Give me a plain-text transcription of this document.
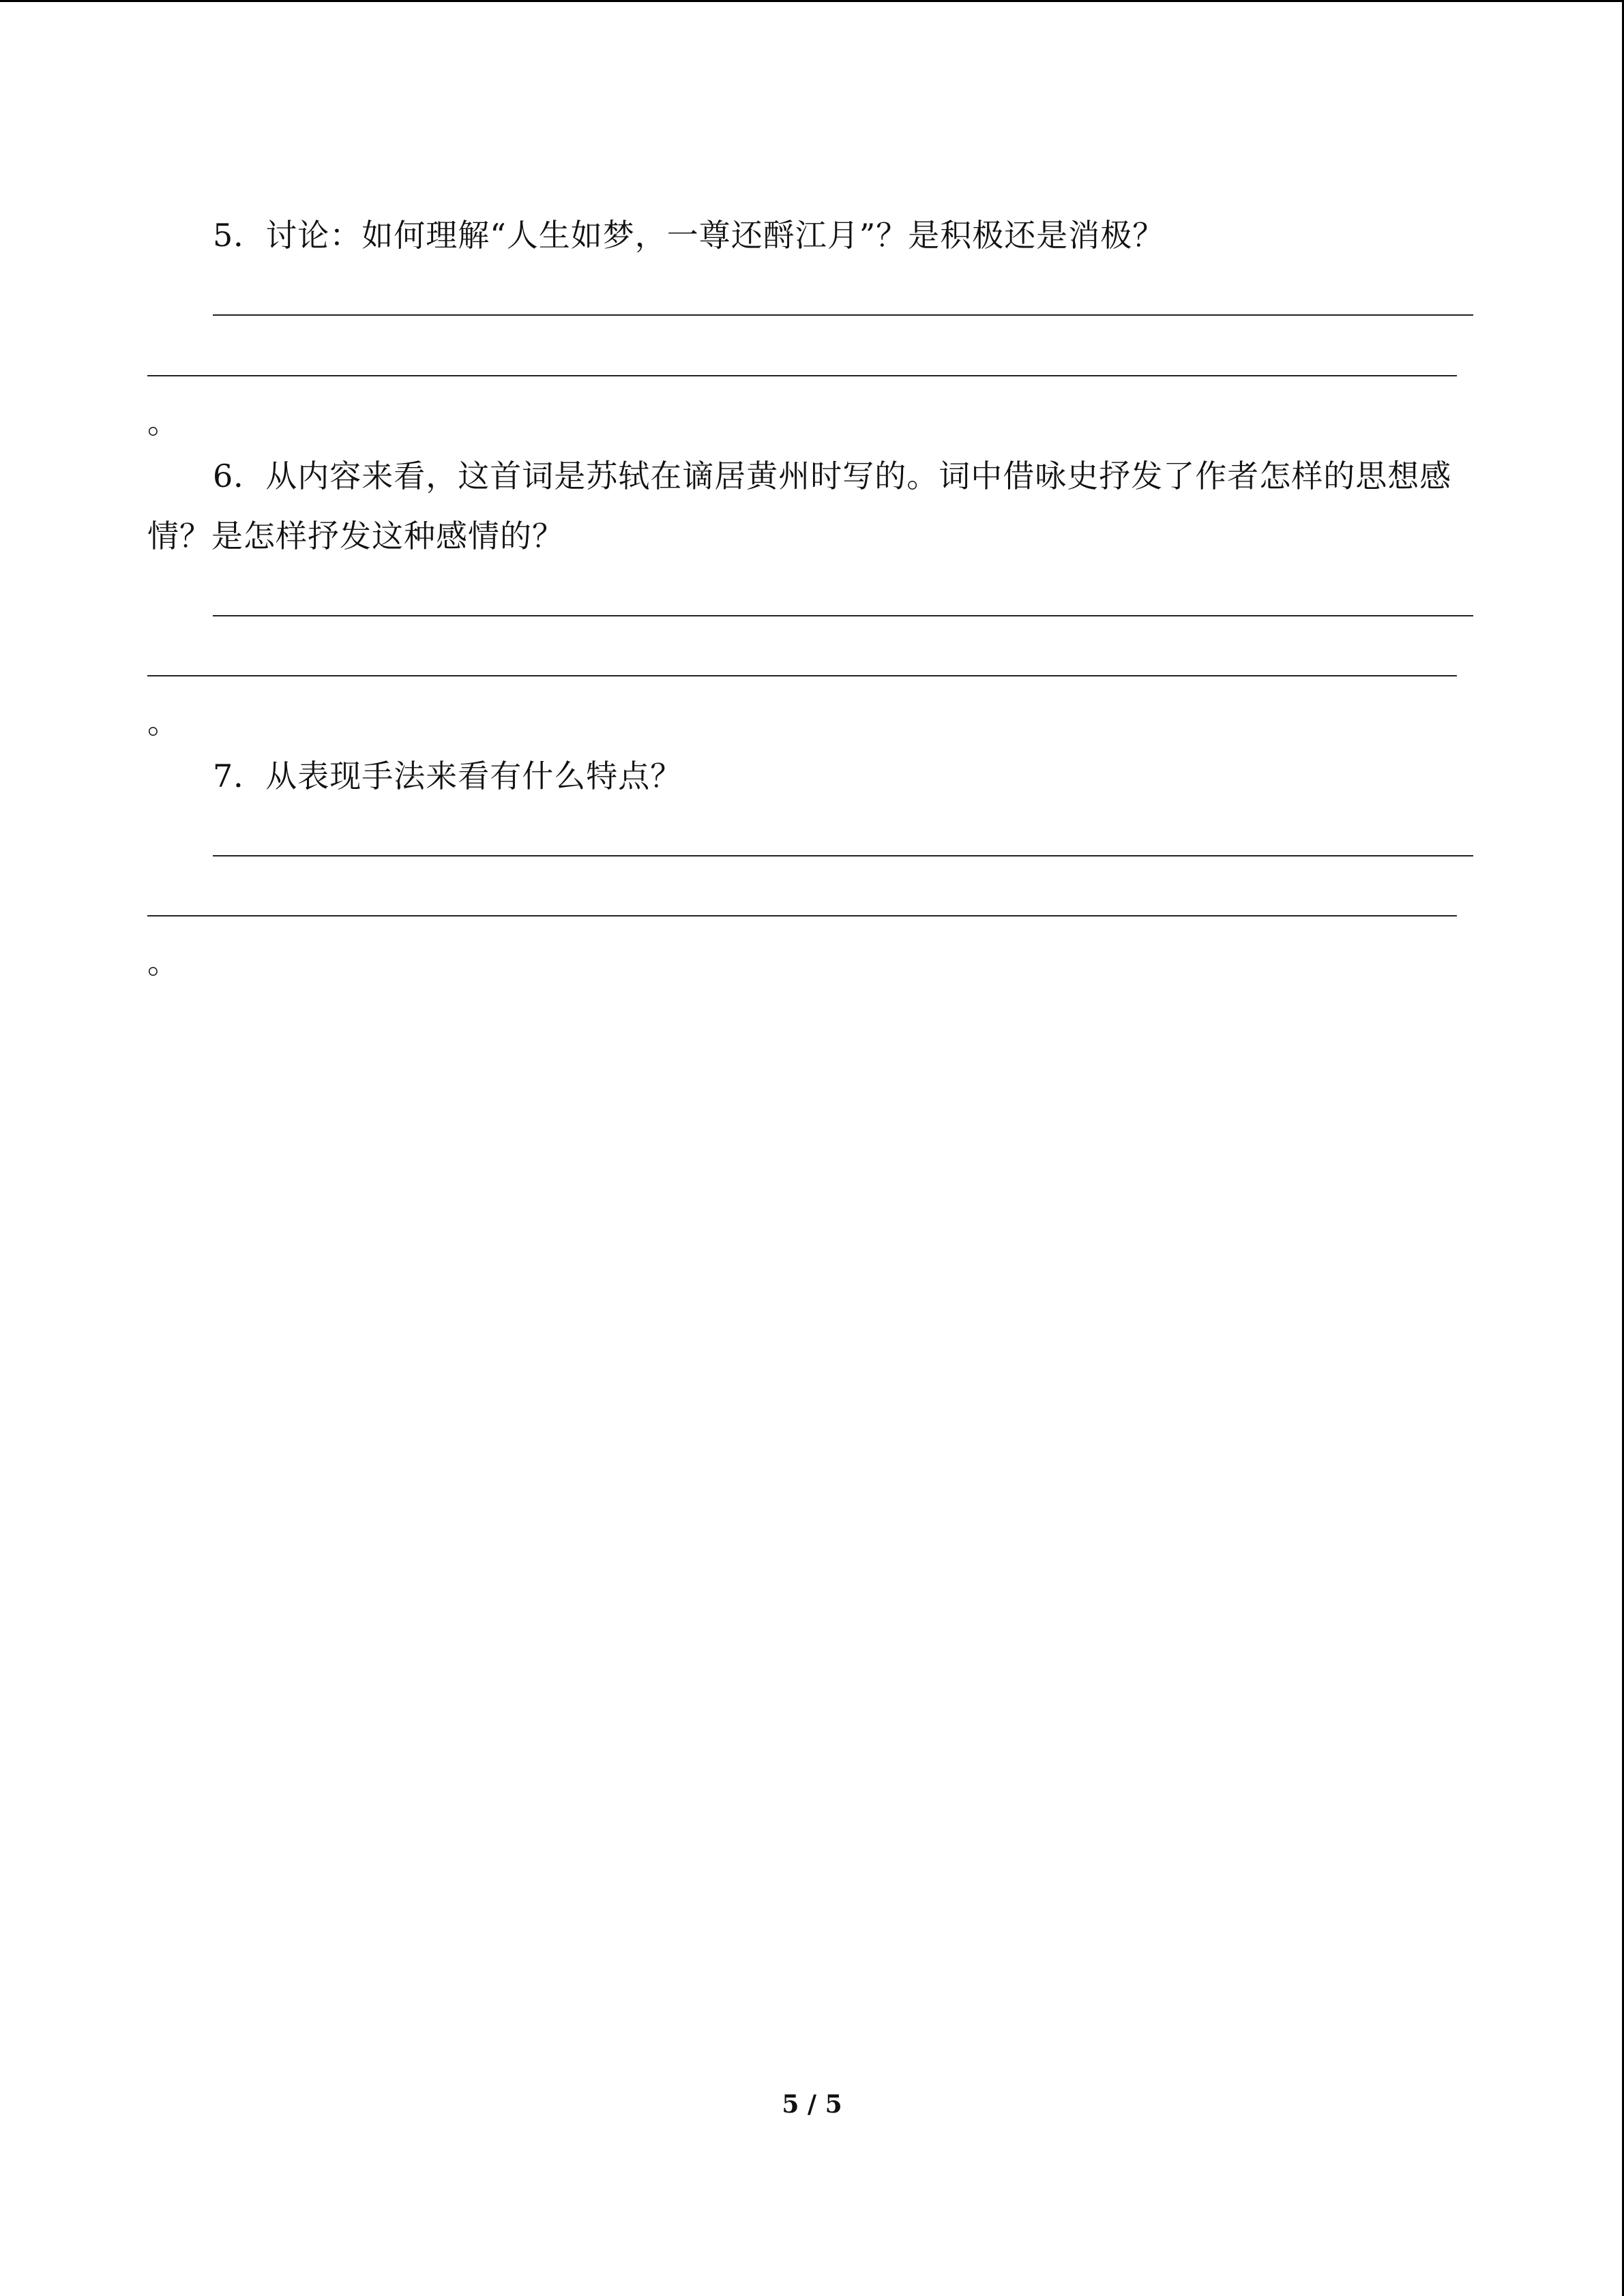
5．讨论：如何理解“人生如梦，一尊还酹江月”？是积极还是消极？
。
6．从内容来看，这首词是苏轼在谪居黄州时写的。词中借咏史抒发了作者怎样的思想感
情？是怎样抒发这种感情的？
。
7．从表现手法来看有什么特点？
。
5 / 5
